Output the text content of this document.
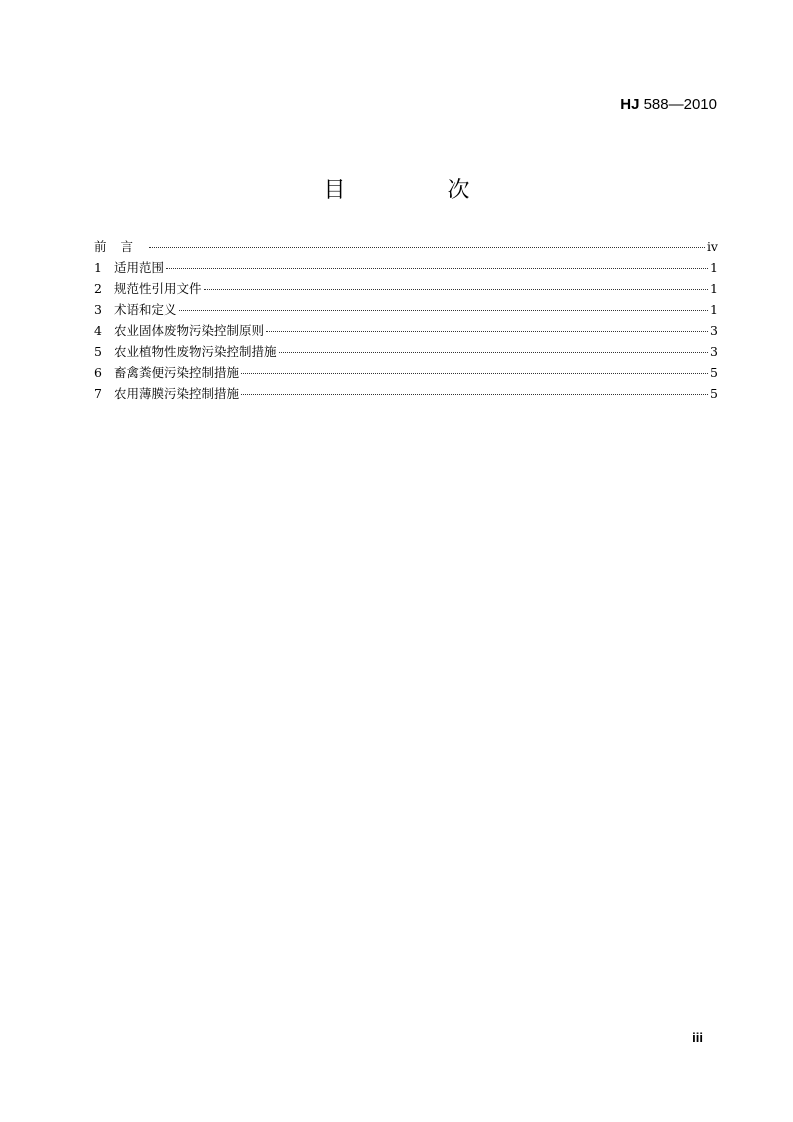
HJ 588—2010
目　次
前言	iv
1 适用范围	1
2 规范性引用文件	1
3 术语和定义	1
4 农业固体废物污染控制原则	3
5 农业植物性废物污染控制措施	3
6 畜禽粪便污染控制措施	5
7 农用薄膜污染控制措施	5
iii
